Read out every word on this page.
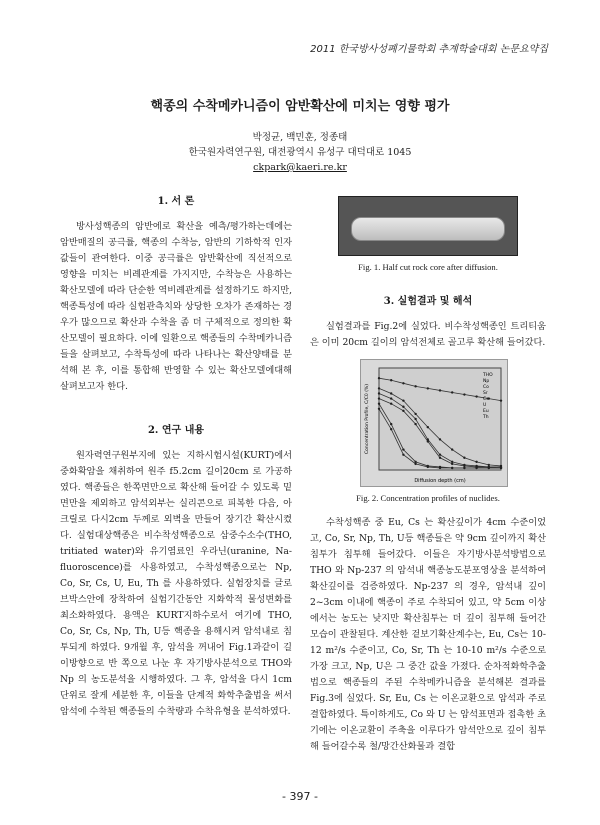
2011 한국방사성폐기물학회 추계학술대회 논문요약집
핵종의 수착메카니즘이 암반확산에 미치는 영향 평가
박정균, 백민훈, 정종태
한국원자력연구원, 대전광역시 유성구 대덕대로 1045
ckpark@kaeri.re.kr
1. 서 론

방사성핵종의 암반에로 확산을 예측/평가하는데에는 암반매질의 공극률, 핵종의 수착능, 암반의 기하학적 인자값들이 관여한다. 이중 공극률은 암반확산에 직선적으로 영향을 미치는 비례관계를 가지지만, 수착능은 사용하는 확산모델에 따라 단순한 역비례관계를 설정하기도 하지만, 핵종특성에 따라 실험관측치와 상당한 오차가 존재하는 경우가 많으므로 확산과 수착을 좀 더 구체적으로 정의한 확산모델이 필요하다. 이에 일환으로 핵종들의 수착메카니즘들을 살펴보고, 수착특성에 따라 나타나는 확산양태를 분석해 본 후, 이를 통합해 반영할 수 있는 확산모델에대해 살펴보고자 한다.

2. 연구 내용

원자력연구원부지에 있는 지하시험시설(KURT)에서 중화확암을 채취하여 원주 f5.2cm 길이20cm 로 가공하였다. 핵종들은 한쪽면만으로 확산해 들어갈 수 있도록 밑면만을 제외하고 암석외부는 실리콘으로 피복한 다음, 아크릴로 다시2cm 두께로 외벽을 만들어 장기간 확산시켰다. 실험대상핵종은 비수착성핵종으로 삼중수소수(THO, tritiated water)와 유기염료인 우라닌(uranine, Na-fluoroscence)를 사용하였고, 수착성핵종으로는 Np, Co, Sr, Cs, U, Eu, Th 를 사용하였다. 실험장치를 글로브박스안에 장착하여 실험기간동안 지화학적 물성변화를 최소화하였다. 용액은 KURT지하수로서 여기에 THO, Co, Sr, Cs, Np, Th, U등 핵종을 용해시켜 암석내로 침투되게 하였다. 9개월 후, 암석을 꺼내어 Fig.1과같이 길이방향으로 반 쪽으로 나눈 후 자기방사분석으로 THO와 Np 의 농도분석을 시행하였다. 그 후, 암석을 다시 1cm 단위로 잘게 세분한 후, 이들을 단계적 화학추출법을 써서 암석에 수착된 핵종들의 수착량과 수착유형을 분석하였다.

Fig. 1. Half cut rock core after diffusion.
3. 실험결과 및 해석

실험결과를 Fig.2에 실었다. 비수착성핵종인 트리티움은 이미 20cm 길이의 암석전체로 골고루 확산해 들어갔다.

THO
Np
Co
Sr
Cs
U
Eu
Th
Diffusion depth (cm)
Concentration Profile, C/C0 (%)
Fig. 2. Concentration profiles of nuclides.

수착성핵종 중 Eu, Cs 는 확산깊이가 4cm 수준이었고, Co, Sr, Np, Th, U등 핵종들은 약 9cm 깊이까지 확산침투가 침투해 들어갔다. 이들은 자기방사분석방법으로 THO 와 Np-237 의 암석내 핵종농도분포영상을 분석하여 확산깊이를 검증하였다. Np-237 의 경우, 암석내 깊이 2~3cm 이내에 핵종이 주로 수착되어 있고, 약 5cm 이상에서는 농도는 낮지만 확산침투는 더 깊이 침투해 들어간 모습이 관찰된다. 계산한 겉보기확산계수는, Eu, Cs는 10-12 m²/s 수준이고, Co, Sr, Th 는 10-10 m²/s 수준으로 가장 크고, Np, U은 그 중간 값을 가졌다. 순차적화학추출법으로 핵종들의 주된 수착메카니즘을 분석해본 결과를 Fig.3에 실었다. Sr, Eu, Cs 는 이온교환으로 암석과 주로 결합하였다. 특이하게도, Co 와 U 는 암석표면과 접촉한 초기에는 이온교환이 주축을 이루다가 암석안으로 깊이 침투해 들어갈수록 철/망간산화물과 결합

- 397 -
